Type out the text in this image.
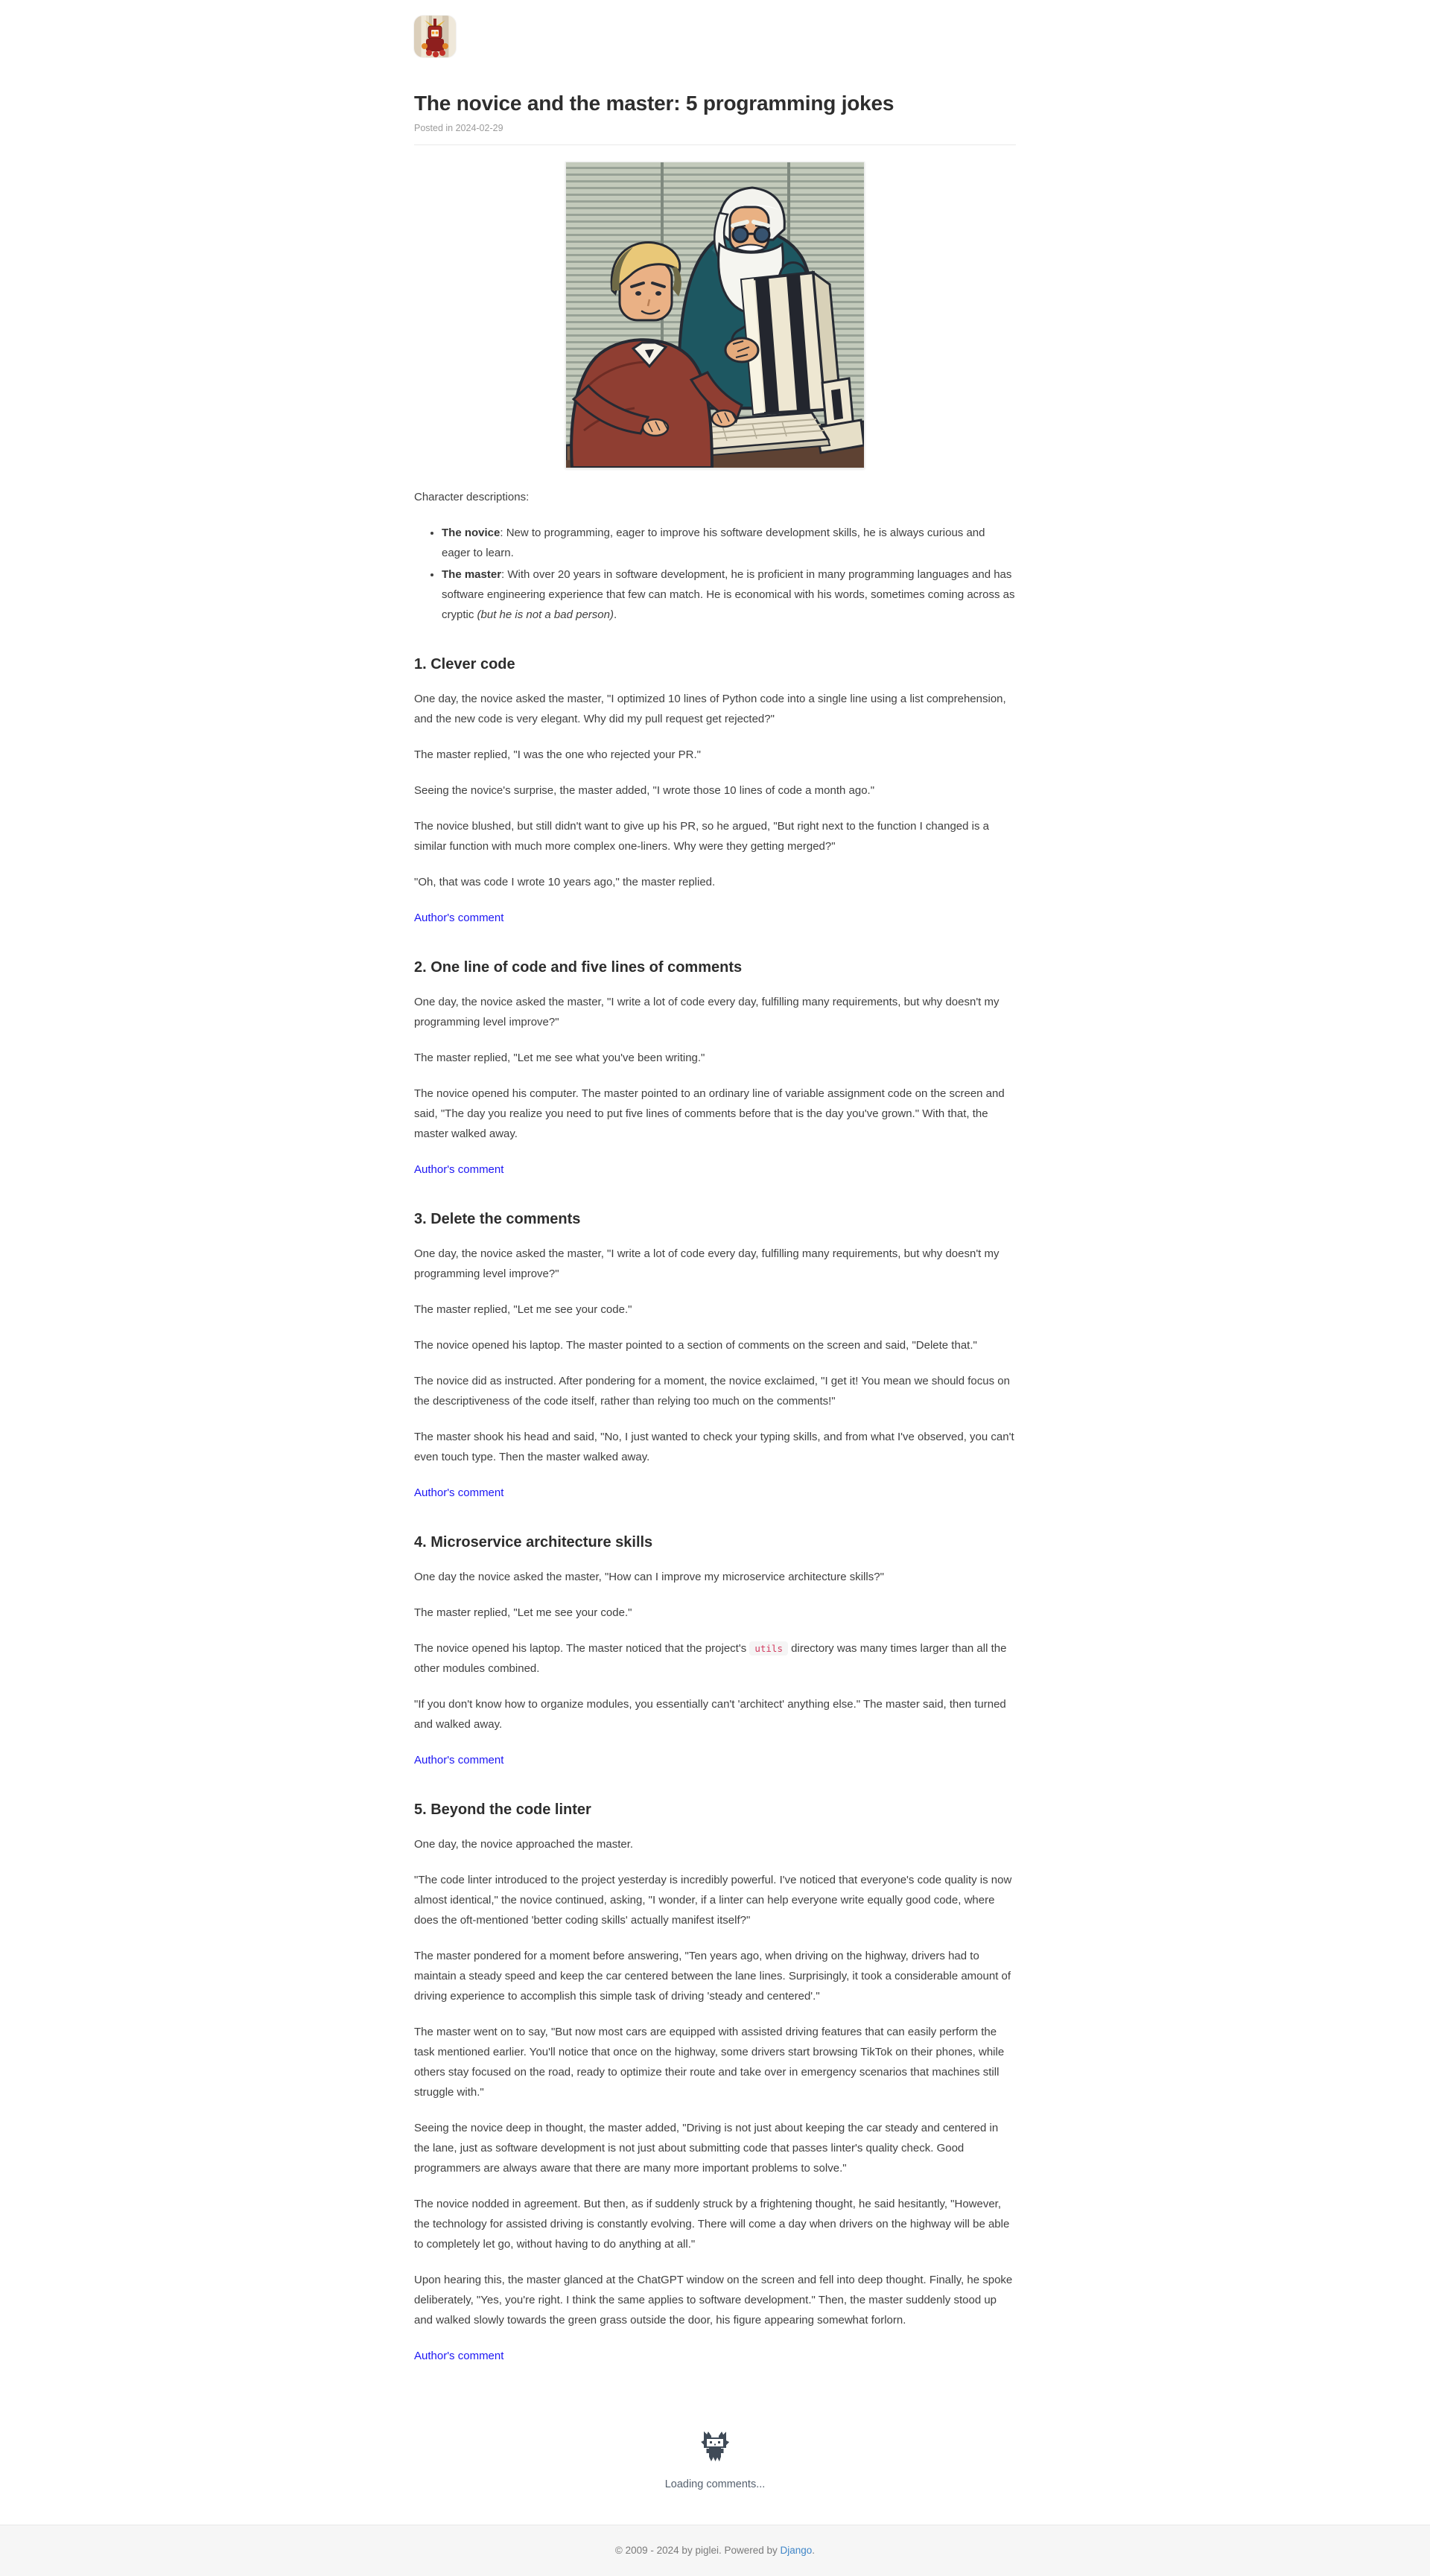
The novice and the master: 5 programming jokes
Posted in 2024-02-29

Character descriptions:

• The novice: New to programming, eager to improve his software development skills, he is always curious and eager to learn.
• The master: With over 20 years in software development, he is proficient in many programming languages and has software engineering experience that few can match. He is economical with his words, sometimes coming across as cryptic (but he is not a bad person).
1. Clever code

One day, the novice asked the master, "I optimized 10 lines of Python code into a single line using a list comprehension, and the new code is very elegant. Why did my pull request get rejected?"

The master replied, "I was the one who rejected your PR."

Seeing the novice's surprise, the master added, "I wrote those 10 lines of code a month ago."

The novice blushed, but still didn't want to give up his PR, so he argued, "But right next to the function I changed is a similar function with much more complex one-liners. Why were they getting merged?"

"Oh, that was code I wrote 10 years ago," the master replied.

Author's comment

2. One line of code and five lines of comments

One day, the novice asked the master, "I write a lot of code every day, fulfilling many requirements, but why doesn't my programming level improve?"

The master replied, "Let me see what you've been writing."

The novice opened his computer. The master pointed to an ordinary line of variable assignment code on the screen and said, "The day you realize you need to put five lines of comments before that is the day you've grown." With that, the master walked away.

Author's comment

3. Delete the comments

One day, the novice asked the master, "I write a lot of code every day, fulfilling many requirements, but why doesn't my programming level improve?"

The master replied, "Let me see your code."

The novice opened his laptop. The master pointed to a section of comments on the screen and said, "Delete that."

The novice did as instructed. After pondering for a moment, the novice exclaimed, "I get it! You mean we should focus on the descriptiveness of the code itself, rather than relying too much on the comments!"

The master shook his head and said, "No, I just wanted to check your typing skills, and from what I've observed, you can't even touch type. Then the master walked away.

Author's comment

4. Microservice architecture skills

One day the novice asked the master, "How can I improve my microservice architecture skills?"

The master replied, "Let me see your code."

The novice opened his laptop. The master noticed that the project's utils directory was many times larger than all the other modules combined.

"If you don't know how to organize modules, you essentially can't 'architect' anything else." The master said, then turned and walked away.

Author's comment

5. Beyond the code linter

One day, the novice approached the master.

"The code linter introduced to the project yesterday is incredibly powerful. I've noticed that everyone's code quality is now almost identical," the novice continued, asking, "I wonder, if a linter can help everyone write equally good code, where does the oft-mentioned 'better coding skills' actually manifest itself?"

The master pondered for a moment before answering, "Ten years ago, when driving on the highway, drivers had to maintain a steady speed and keep the car centered between the lane lines. Surprisingly, it took a considerable amount of driving experience to accomplish this simple task of driving 'steady and centered'."

The master went on to say, "But now most cars are equipped with assisted driving features that can easily perform the task mentioned earlier. You'll notice that once on the highway, some drivers start browsing TikTok on their phones, while others stay focused on the road, ready to optimize their route and take over in emergency scenarios that machines still struggle with."

Seeing the novice deep in thought, the master added, "Driving is not just about keeping the car steady and centered in the lane, just as software development is not just about submitting code that passes linter's quality check. Good programmers are always aware that there are many more important problems to solve."

The novice nodded in agreement. But then, as if suddenly struck by a frightening thought, he said hesitantly, "However, the technology for assisted driving is constantly evolving. There will come a day when drivers on the highway will be able to completely let go, without having to do anything at all."

Upon hearing this, the master glanced at the ChatGPT window on the screen and fell into deep thought. Finally, he spoke deliberately, "Yes, you're right. I think the same applies to software development." Then, the master suddenly stood up and walked slowly towards the green grass outside the door, his figure appearing somewhat forlorn.

Author's comment

Loading comments...
© 2009 - 2024 by piglei. Powered by Django.
